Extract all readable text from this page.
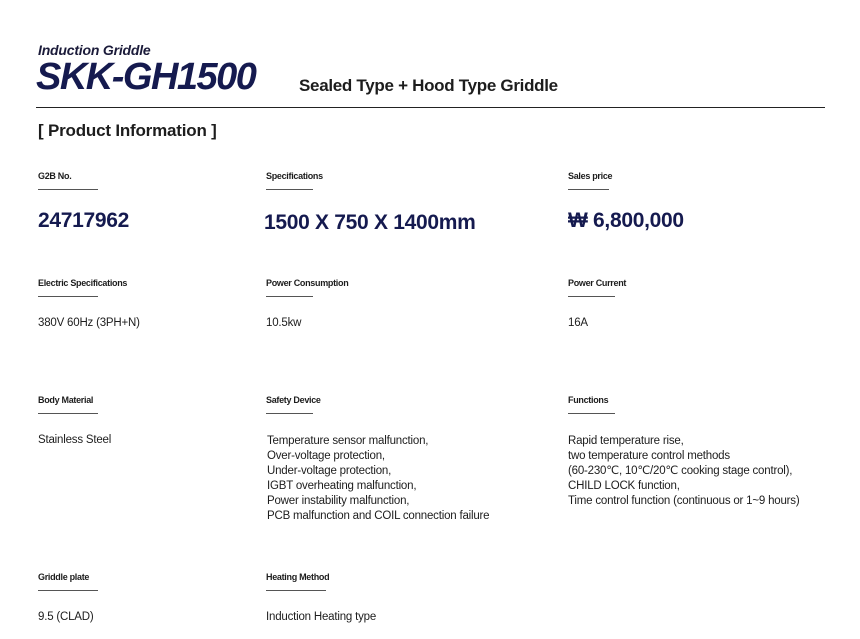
Induction Griddle
SKK-GH1500	Sealed Type + Hood Type Griddle
[ Product Information ]
G2B No.
24717962
Specifications
1500 X 750 X 1400mm
Sales price
₩ 6,800,000
Electric Specifications
380V 60Hz (3PH+N)
Power Consumption
10.5kw
Power Current
16A
Body Material
Stainless Steel
Safety Device
Temperature sensor malfunction,
Over-voltage protection,
Under-voltage protection,
IGBT overheating malfunction,
Power instability malfunction,
PCB malfunction and COIL connection failure
Functions
Rapid temperature rise,
two temperature control methods
(60-230℃, 10℃/20℃ cooking stage control),
CHILD LOCK function,
Time control function (continuous or 1~9 hours)
Griddle plate
9.5 (CLAD)
Heating Method
Induction Heating type
